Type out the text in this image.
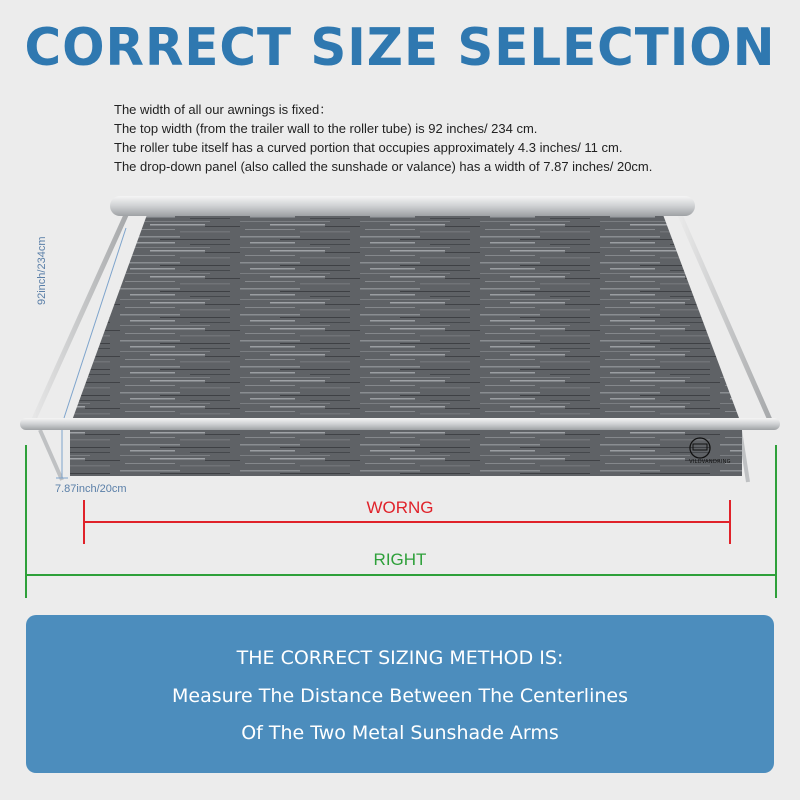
CORRECT SIZE SELECTION

The width of all our awnings is fixed：

The top width (from the trailer wall to the roller tube) is 92 inches/ 234 cm.

The roller tube itself has a curved portion that occupies approximately 4.3 inches/ 11 cm.

The drop-down panel (also called the sunshade or valance) has a width of 7.87 inches/ 20cm.

92inch/234cm
7.87inch/20cm
VILDVANDRING
WORNG
RIGHT
THE CORRECT SIZING METHOD IS:
Measure The Distance Between The Centerlines
Of The Two Metal Sunshade Arms
